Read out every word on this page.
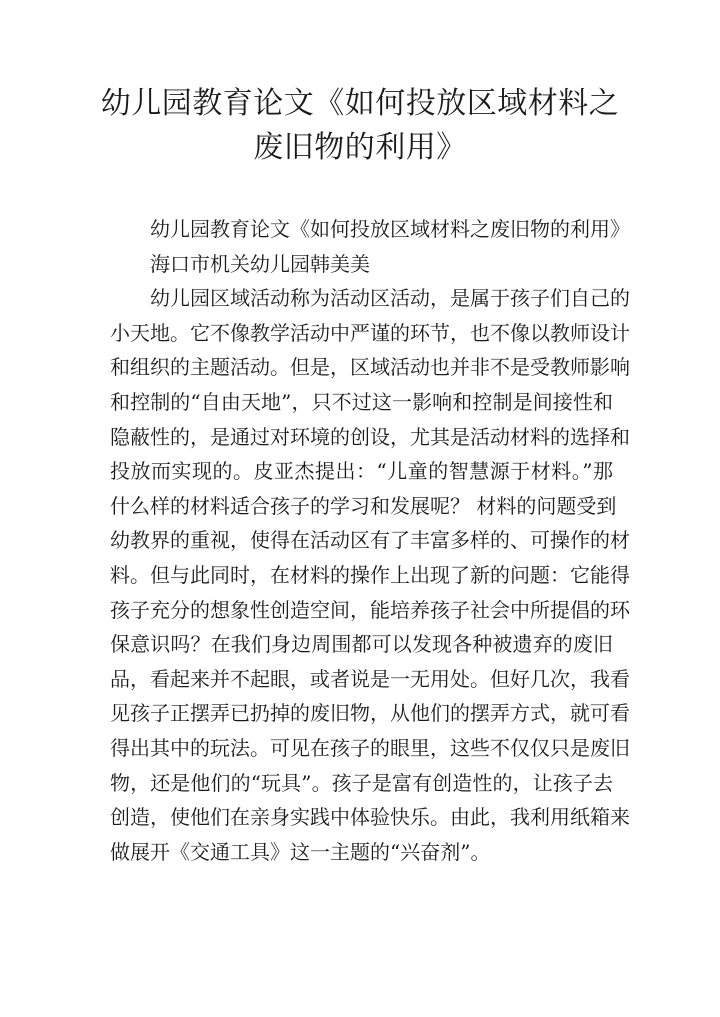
幼儿园教育论文《如何投放区域材料之
废旧物的利用》

幼儿园教育论文《如何投放区域材料之废旧物的利用》

海口市机关幼儿园韩美美

幼儿园区域活动称为活动区活动，是属于孩子们自己的

小天地。它不像教学活动中严谨的环节，也不像以教师设计

和组织的主题活动。但是，区域活动也并非不是受教师影响

和控制的“自由天地”，只不过这一影响和控制是间接性和

隐蔽性的，是通过对环境的创设，尤其是活动材料的选择和

投放而实现的。皮亚杰提出：“儿童的智慧源于材料。”那

什么样的材料适合孩子的学习和发展呢？ 材料的问题受到

幼教界的重视，使得在活动区有了丰富多样的、可操作的材

料。但与此同时，在材料的操作上出现了新的问题：它能得

孩子充分的想象性创造空间，能培养孩子社会中所提倡的环

保意识吗？在我们身边周围都可以发现各种被遗弃的废旧

品，看起来并不起眼，或者说是一无用处。但好几次，我看

见孩子正摆弄已扔掉的废旧物，从他们的摆弄方式，就可看

得出其中的玩法。可见在孩子的眼里，这些不仅仅只是废旧

物，还是他们的“玩具”。孩子是富有创造性的，让孩子去

创造，使他们在亲身实践中体验快乐。由此，我利用纸箱来

做展开《交通工具》这一主题的“兴奋剂”。
